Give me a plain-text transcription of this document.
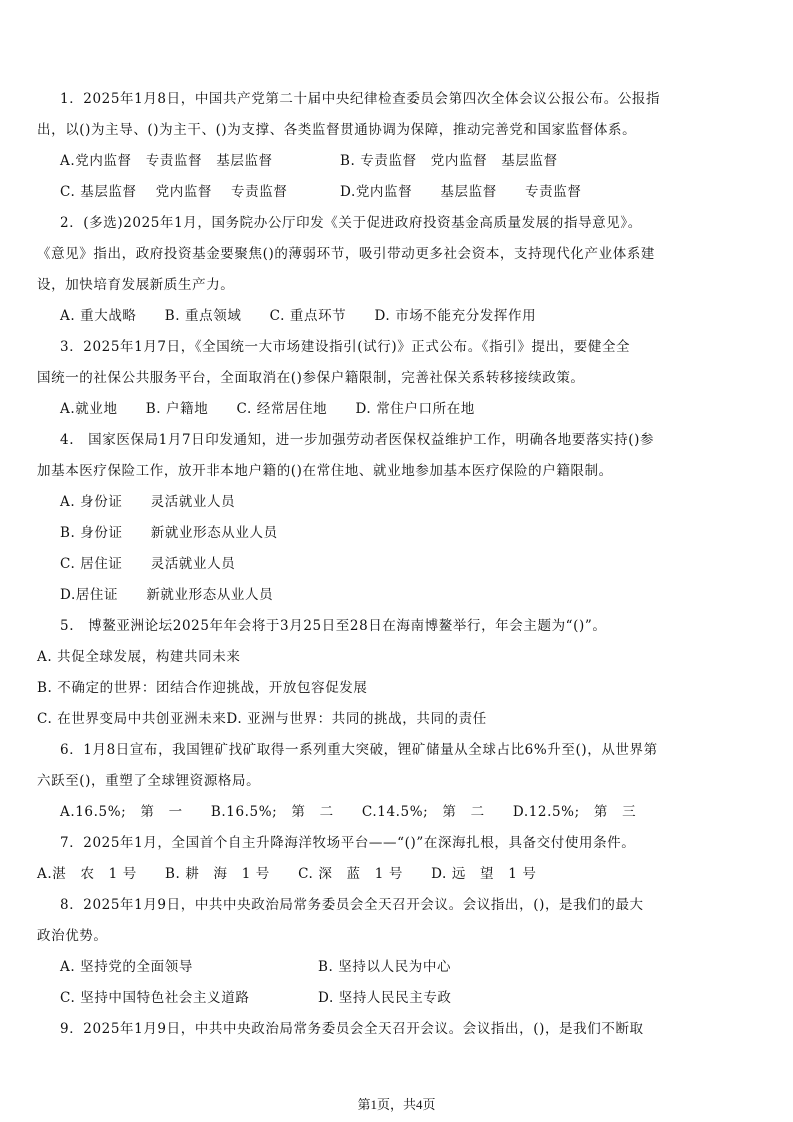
1．2025年1月8日，中国共产党第二十届中央纪律检查委员会第四次全体会议公报公布。公报指
出，以()为主导、()为主干、()为支撑、各类监督贯通协调为保障，推动完善党和国家监督体系。
A.党内监督　专责监督　基层监督	B. 专责监督　党内监督　基层监督
C. 基层监督　 党内监督　 专责监督	D.党内监督　　基层监督　　专责监督
2．(多选)2025年1月，国务院办公厅印发《关于促进政府投资基金高质量发展的指导意见》。
《意见》指出，政府投资基金要聚焦()的薄弱环节，吸引带动更多社会资本，支持现代化产业体系建
设，加快培育发展新质生产力。
A. 重大战略　　B. 重点领域　　C. 重点环节　　D. 市场不能充分发挥作用
3．2025年1月7日，《全国统一大市场建设指引(试行)》正式公布。《指引》提出，要健全全
国统一的社保公共服务平台，全面取消在()参保户籍限制，完善社保关系转移接续政策。
A.就业地　　B. 户籍地　　C. 经常居住地　　D. 常住户口所在地
4.　国家医保局1月7日印发通知，进一步加强劳动者医保权益维护工作，明确各地要落实持()参
加基本医疗保险工作，放开非本地户籍的()在常住地、就业地参加基本医疗保险的户籍限制。
A. 身份证　　灵活就业人员
B. 身份证　　新就业形态从业人员
C. 居住证　　灵活就业人员
D.居住证　　新就业形态从业人员
5.　博鳌亚洲论坛2025年年会将于3月25日至28日在海南博鳌举行，年会主题为“()”。
A. 共促全球发展，构建共同未来
B. 不确定的世界：团结合作迎挑战，开放包容促发展
C. 在世界变局中共创亚洲未来D. 亚洲与世界：共同的挑战，共同的责任
6．1月8日宣布，我国锂矿找矿取得一系列重大突破，锂矿储量从全球占比6%升至()，从世界第
六跃至()，重塑了全球锂资源格局。
A.16.5%;　第　一　　B.16.5%;　第　二　　C.14.5%;　第　二　　D.12.5%;　第　三
7．2025年1月，全国首个自主升降海洋牧场平台——“()”在深海扎根，具备交付使用条件。
A.湛　农　1 号　　B. 耕　海　1 号　　C. 深　蓝　1 号　　D. 远　望　1 号
8．2025年1月9日，中共中央政治局常务委员会全天召开会议。会议指出，()，是我们的最大
政治优势。
A. 坚持党的全面领导	B. 坚持以人民为中心
C. 坚持中国特色社会主义道路	D. 坚持人民民主专政
9．2025年1月9日，中共中央政治局常务委员会全天召开会议。会议指出，()，是我们不断取
第1页，共4页
